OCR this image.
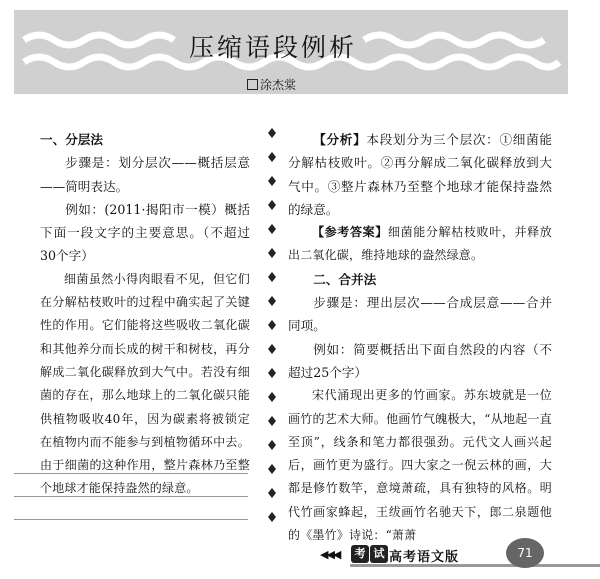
压缩语段例析
涂杰棠

一、分层法

步骤是：划分层次——概括层意——简明表达。

例如：(2011·揭阳市一模）概括下面一段文字的主要意思。（不超过30个字）

细菌虽然小得肉眼看不见，但它们在分解枯枝败叶的过程中确实起了关键性的作用。它们能将这些吸收二氧化碳和其他养分而长成的树干和树枝，再分解成二氧化碳释放到大气中。若没有细菌的存在，那么地球上的二氧化碳只能供植物吸收40年，因为碳素将被锁定在植物内而不能参与到植物循环中去。由于细菌的这种作用，整片森林乃至整个地球才能保持盎然的绿意。

【分析】本段划分为三个层次：①细菌能分解枯枝败叶。②再分解成二氧化碳释放到大气中。③整片森林乃至整个地球才能保持盎然的绿意。

【参考答案】细菌能分解枯枝败叶，并释放出二氧化碳，维持地球的盎然绿意。

二、合并法

步骤是：理出层次——合成层意——合并同项。

例如：简要概括出下面自然段的内容（不超过25个字）

宋代涌现出更多的竹画家。苏东坡就是一位画竹的艺术大师。他画竹气魄极大，“从地起一直至顶”，线条和笔力都很强劲。元代文人画兴起后，画竹更为盛行。四大家之一倪云林的画，大都是修竹数竿，意境萧疏，具有独特的风格。明代竹画家蜂起，王绂画竹名驰天下，郎二泉题他的《墨竹》诗说：“萧萧

◀◀◀	考 试 高考语文版	71
